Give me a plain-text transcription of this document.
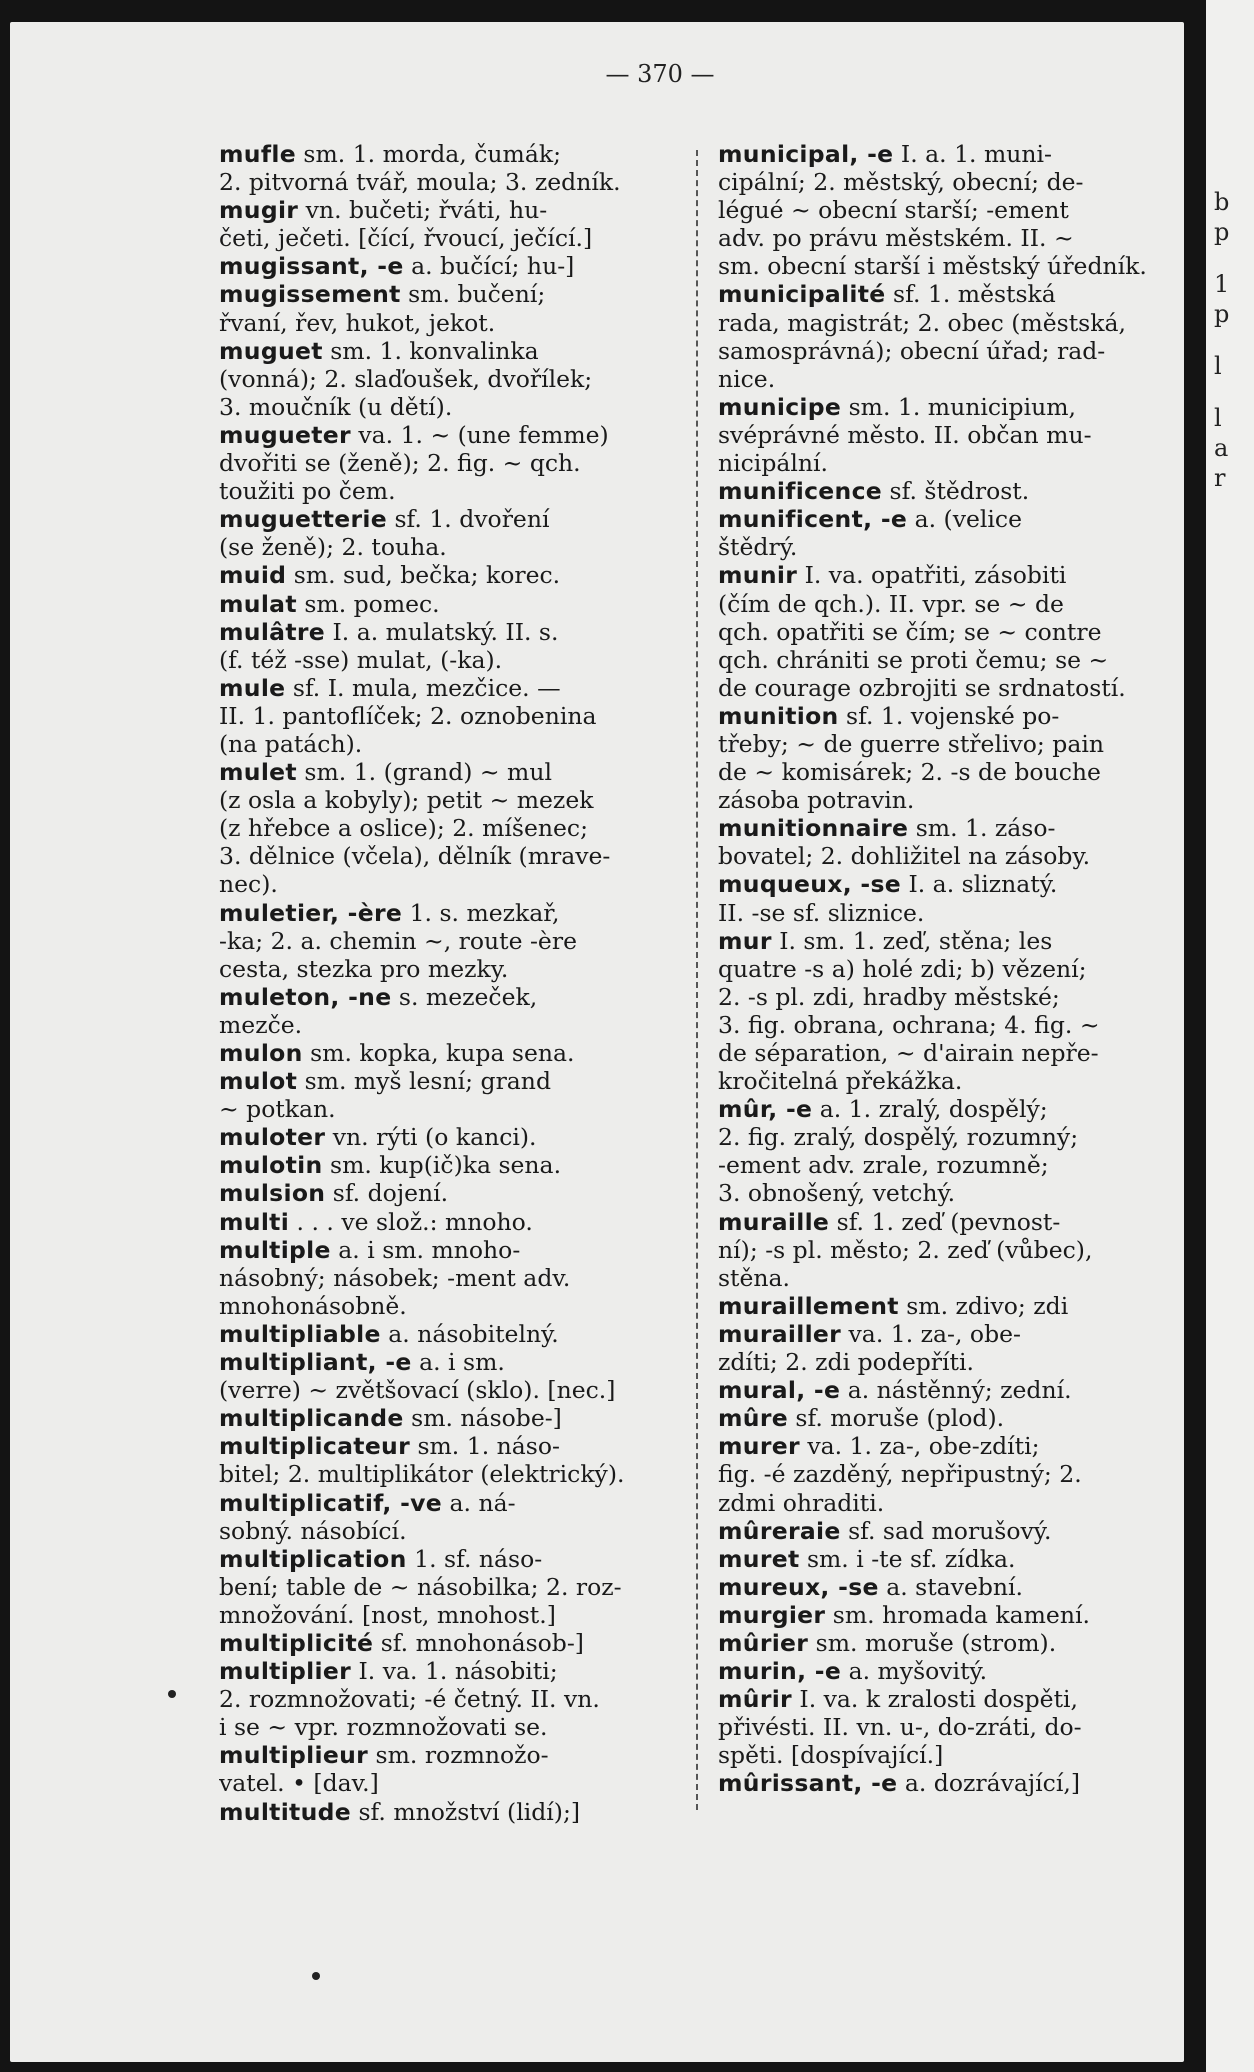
b
p
1
p
l
l
a
r
— 370 —
mufle sm. 1. morda, čumák;
2. pitvorná tvář, moula; 3. zedník.
mugir vn. bučeti; řváti, hu-
četi, ječeti. [čící, řvoucí, ječící.]
mugissant, -e a. bučící; hu-]
mugissement sm. bučení;
řvaní, řev, hukot, jekot.
muguet sm. 1. konvalinka
(vonná); 2. slaďoušek, dvořílek;
3. moučník (u dětí).
mugueter va. 1. ~ (une femme)
dvořiti se (ženě); 2. fig. ~ qch.
toužiti po čem.
muguetterie sf. 1. dvoření
(se ženě); 2. touha.
muid sm. sud, bečka; korec.
mulat sm. pomec.
mulâtre I. a. mulatský. II. s.
(f. též -sse) mulat, (-ka).
mule sf. I. mula, mezčice. —
II. 1. pantoflíček; 2. oznobenina
(na patách).
mulet sm. 1. (grand) ~ mul
(z osla a kobyly); petit ~ mezek
(z hřebce a oslice); 2. míšenec;
3. dělnice (včela), dělník (mrave-
nec).
muletier, -ère 1. s. mezkař,
-ka; 2. a. chemin ~, route -ère
cesta, stezka pro mezky.
muleton, -ne s. mezeček,
mezče.
mulon sm. kopka, kupa sena.
mulot sm. myš lesní; grand
~ potkan.
muloter vn. rýti (o kanci).
mulotin sm. kup(ič)ka sena.
mulsion sf. dojení.
multi . . . ve slož.: mnoho.
multiple a. i sm. mnoho-
násobný; násobek; -ment adv.
mnohonásobně.
multipliable a. násobitelný.
multipliant, -e a. i sm.
(verre) ~ zvětšovací (sklo). [nec.]
multiplicande sm. násobe-]
multiplicateur sm. 1. náso-
bitel; 2. multiplikátor (elektrický).
multiplicatif, -ve a. ná-
sobný. násobící.
multiplication 1. sf. náso-
bení; table de ~ násobilka; 2. roz-
množování. [nost, mnohost.]
multiplicité sf. mnohonásob-]
multiplier I. va. 1. násobiti;
2. rozmnožovati; -é četný. II. vn.
i se ~ vpr. rozmnožovati se.
multiplieur sm. rozmnožo-
vatel. • [dav.]
multitude sf. množství (lidí);]
municipal, -e I. a. 1. muni-
cipální; 2. městský, obecní; de-
légué ~ obecní starší; -ement
adv. po právu městském. II. ~
sm. obecní starší i městský úředník.
municipalité sf. 1. městská
rada, magistrát; 2. obec (městská,
samosprávná); obecní úřad; rad-
nice.
municipe sm. 1. municipium,
svéprávné město. II. občan mu-
nicipální.
munificence sf. štědrost.
munificent, -e a. (velice
štědrý.
munir I. va. opatřiti, zásobiti
(čím de qch.). II. vpr. se ~ de
qch. opatřiti se čím; se ~ contre
qch. chrániti se proti čemu; se ~
de courage ozbrojiti se srdnatostí.
munition sf. 1. vojenské po-
třeby; ~ de guerre střelivo; pain
de ~ komisárek; 2. -s de bouche
zásoba potravin.
munitionnaire sm. 1. záso-
bovatel; 2. dohližitel na zásoby.
muqueux, -se I. a. sliznatý.
II. -se sf. sliznice.
mur I. sm. 1. zeď, stěna; les
quatre -s a) holé zdi; b) vězení;
2. -s pl. zdi, hradby městské;
3. fig. obrana, ochrana; 4. fig. ~
de séparation, ~ d'airain nepře-
kročitelná překážka.
mûr, -e a. 1. zralý, dospělý;
2. fig. zralý, dospělý, rozumný;
-ement adv. zrale, rozumně;
3. obnošený, vetchý.
muraille sf. 1. zeď (pevnost-
ní); -s pl. město; 2. zeď (vůbec),
stěna.
muraillement sm. zdivo; zdi
murailler va. 1. za-, obe-
zdíti; 2. zdi podepříti.
mural, -e a. nástěnný; zední.
mûre sf. moruše (plod).
murer va. 1. za-, obe-zdíti;
fig. -é zazděný, nepřipustný; 2.
zdmi ohraditi.
mûreraie sf. sad morušový.
muret sm. i -te sf. zídka.
mureux, -se a. stavební.
murgier sm. hromada kamení.
mûrier sm. moruše (strom).
murin, -e a. myšovitý.
mûrir I. va. k zralosti dospěti,
přivésti. II. vn. u-, do-zráti, do-
spěti. [dospívající.]
mûrissant, -e a. dozrávající,]
